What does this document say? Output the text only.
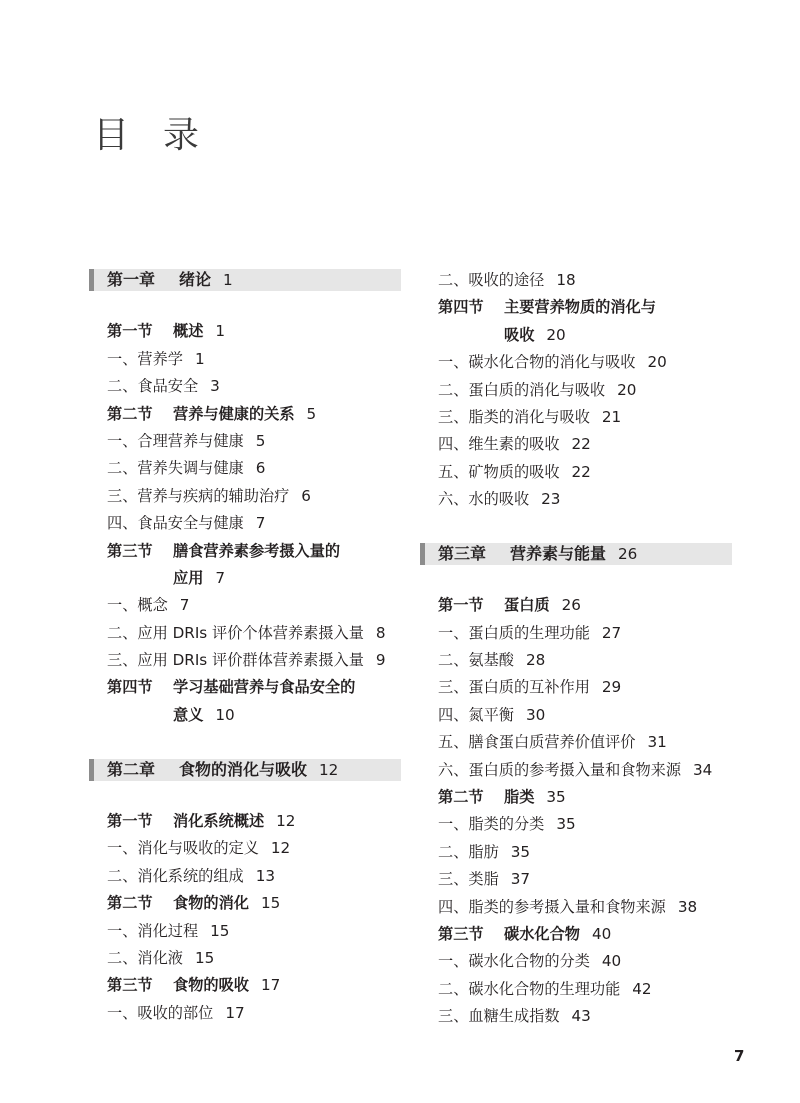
目 录
第一章 绪论 1
第一节 概述 1
一、营养学 1
二、食品安全 3
第二节 营养与健康的关系 5
一、合理营养与健康 5
二、营养失调与健康 6
三、营养与疾病的辅助治疗 6
四、食品安全与健康 7
第三节 膳食营养素参考摄入量的
应用 7
一、概念 7
二、应用 DRIs 评价个体营养素摄入量 8
三、应用 DRIs 评价群体营养素摄入量 9
第四节 学习基础营养与食品安全的
意义 10
第二章 食物的消化与吸收 12
第一节 消化系统概述 12
一、消化与吸收的定义 12
二、消化系统的组成 13
第二节 食物的消化 15
一、消化过程 15
二、消化液 15
第三节 食物的吸收 17
一、吸收的部位 17
二、吸收的途径 18
第四节 主要营养物质的消化与
吸收 20
一、碳水化合物的消化与吸收 20
二、蛋白质的消化与吸收 20
三、脂类的消化与吸收 21
四、维生素的吸收 22
五、矿物质的吸收 22
六、水的吸收 23
第三章 营养素与能量 26
第一节 蛋白质 26
一、蛋白质的生理功能 27
二、氨基酸 28
三、蛋白质的互补作用 29
四、氮平衡 30
五、膳食蛋白质营养价值评价 31
六、蛋白质的参考摄入量和食物来源 34
第二节 脂类 35
一、脂类的分类 35
二、脂肪 35
三、类脂 37
四、脂类的参考摄入量和食物来源 38
第三节 碳水化合物 40
一、碳水化合物的分类 40
二、碳水化合物的生理功能 42
三、血糖生成指数 43
7
